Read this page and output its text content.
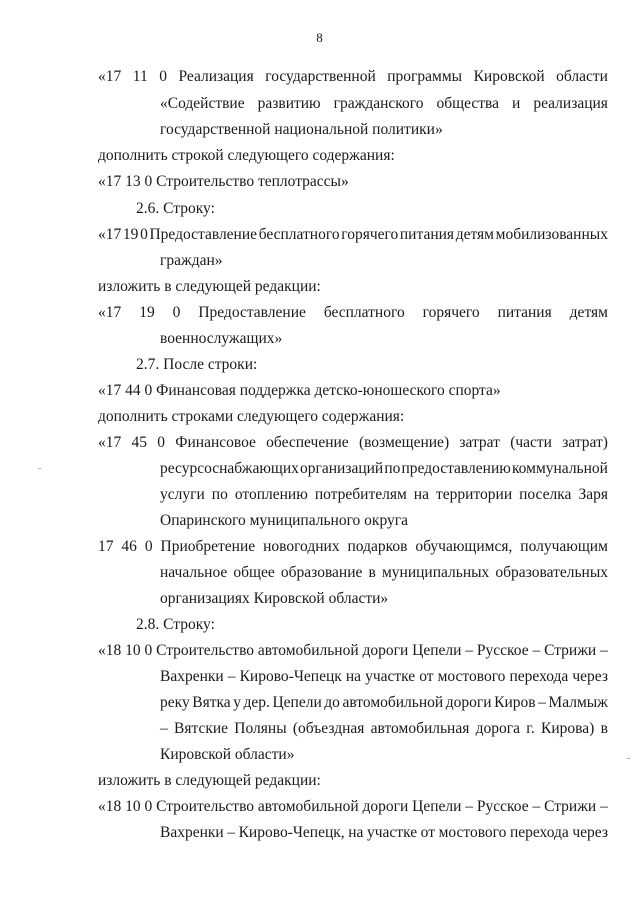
8
«17 11 0 Реализация государственной программы Кировской области
«Содействие развитию гражданского общества и реализация
государственной национальной политики»
дополнить строкой следующего содержания:
«17 13 0 Строительство теплотрассы»
2.6. Строку:
«17 19 0 Предоставление бесплатного горячего питания детям мобилизованных
граждан»
изложить в следующей редакции:
«17 19 0 Предоставление бесплатного горячего питания детям
военнослужащих»
2.7. После строки:
«17 44 0 Финансовая поддержка детско-юношеского спорта»
дополнить строками следующего содержания:
«17 45 0 Финансовое обеспечение (возмещение) затрат (части затрат)
ресурсоснабжающих организаций по предоставлению коммунальной
услуги по отоплению потребителям на территории поселка Заря
Опаринского муниципального округа
17 46 0 Приобретение новогодних подарков обучающимся, получающим
начальное общее образование в муниципальных образовательных
организациях Кировской области»
2.8. Строку:
«18 10 0 Строительство автомобильной дороги Цепели – Русское – Стрижи –
Вахренки – Кирово-Чепецк на участке от мостового перехода через
реку Вятка у дер. Цепели до автомобильной дороги Киров – Малмыж
– Вятские Поляны (объездная автомобильная дорога г. Кирова) в
Кировской области»
изложить в следующей редакции:
«18 10 0 Строительство автомобильной дороги Цепели – Русское – Стрижи –
Вахренки – Кирово-Чепецк, на участке от мостового перехода через
